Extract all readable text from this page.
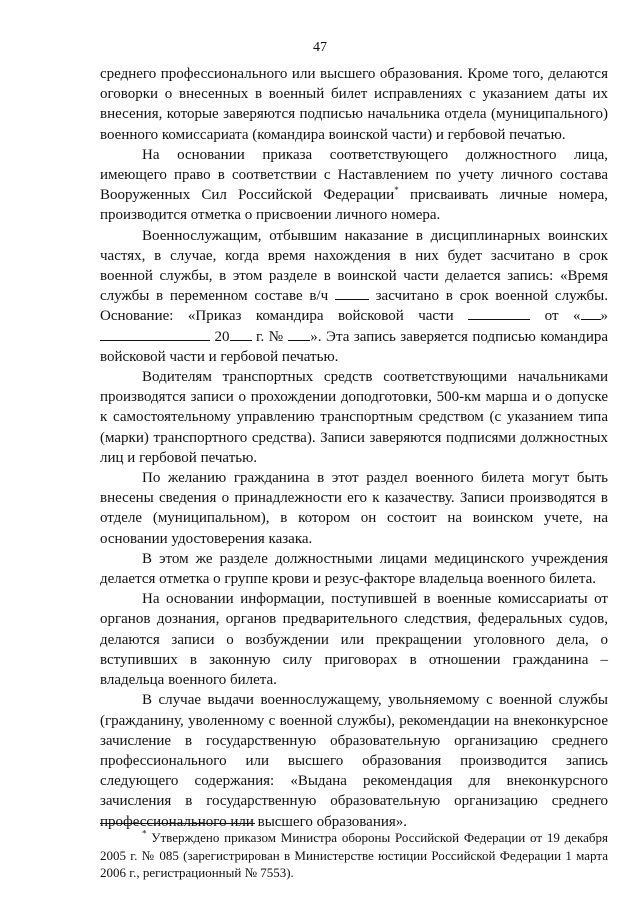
47

среднего профессионального или высшего образования. Кроме того, делаются оговорки о внесенных в военный билет исправлениях с указанием даты их внесения, которые заверяются подписью начальника отдела (муниципального) военного комиссариата (командира воинской части) и гербовой печатью.

На основании приказа соответствующего должностного лица, имеющего право в соответствии с Наставлением по учету личного состава Вооруженных Сил Российской Федерации* присваивать личные номера, производится отметка о присвоении личного номера.

Военнослужащим, отбывшим наказание в дисциплинарных воинских частях, в случае, когда время нахождения в них будет засчитано в срок военной службы, в этом разделе в воинской части делается запись: «Время службы в переменном составе в/ч  засчитано в срок военной службы. Основание: «Приказ командира войсковой части	от « »  20 г. № ». Эта запись заверяется подписью командира войсковой части и гербовой печатью.

Водителям транспортных средств соответствующими начальниками производятся записи о прохождении доподготовки, 500-км марша и о допуске к самостоятельному управлению транспортным средством (с указанием типа (марки) транспортного средства). Записи заверяются подписями должностных лиц и гербовой печатью.

По желанию гражданина в этот раздел военного билета могут быть внесены сведения о принадлежности его к казачеству. Записи производятся в отделе (муниципальном), в котором он состоит на воинском учете, на основании удостоверения казака.

В этом же разделе должностными лицами медицинского учреждения делается отметка о группе крови и резус-факторе владельца военного билета.

На основании информации, поступившей в военные комиссариаты от органов дознания, органов предварительного следствия, федеральных судов, делаются записи о возбуждении или прекращении уголовного дела, о вступивших в законную силу приговорах в отношении гражданина – владельца военного билета.

В случае выдачи военнослужащему, увольняемому с военной службы (гражданину, уволенному с военной службы), рекомендации на внеконкурсное зачисление в государственную образовательную организацию среднего профессионального или высшего образования производится запись следующего содержания: «Выдана рекомендация для внеконкурсного зачисления в государственную образовательную организацию среднего профессионального или высшего образования».

* Утверждено приказом Министра обороны Российской Федерации от 19 декабря 2005 г. № 085 (зарегистрирован в Министерстве юстиции Российской Федерации 1 марта 2006 г., регистрационный № 7553).
